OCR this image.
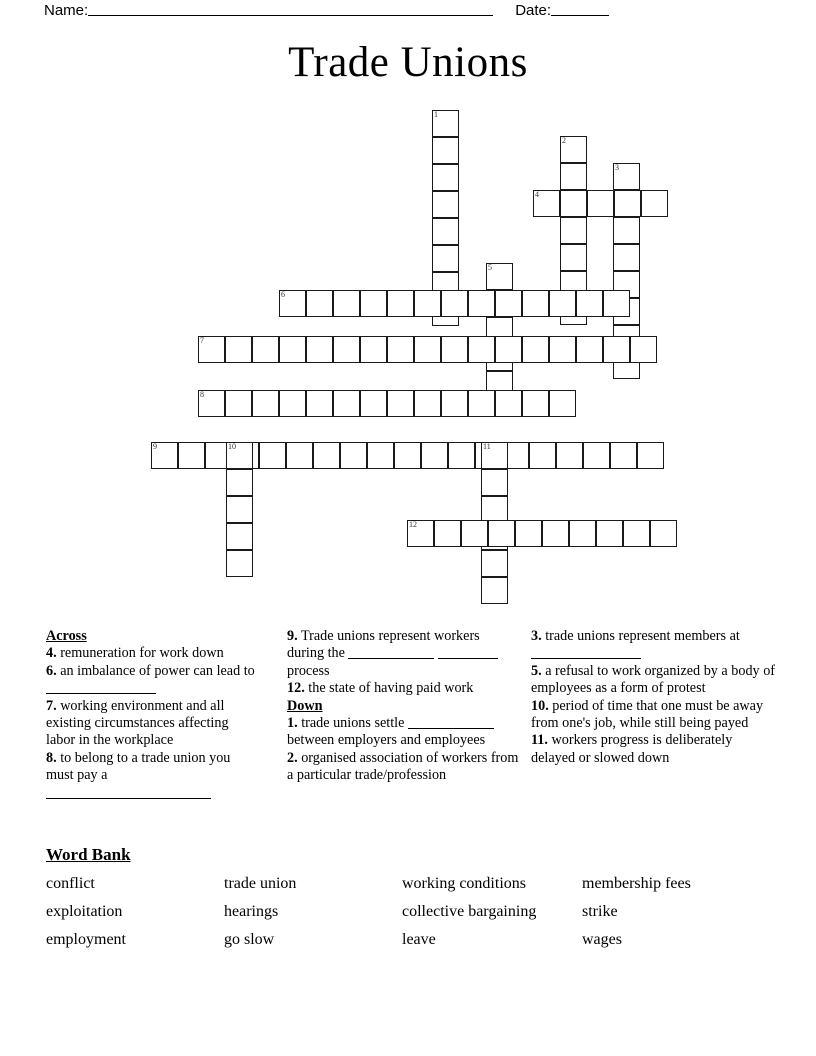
Name:	Date:
Trade Unions
1
2
3
4
5
6
7
8
9	10	11
12
Across
4. remuneration for work down
6. an imbalance of power can lead to
7. working environment and all existing circumstances affecting labor in the workplace
8. to belong to a trade union you must pay a
9. Trade unions represent workers during the   process
12. the state of having paid work
Down
1. trade unions settle  between employers and employees
2. organised association of workers from a particular trade/profession
3. trade unions represent members at
5. a refusal to work organized by a body of employees as a form of protest
10. period of time that one must be away from one's job, while still being payed
11. workers progress is deliberately delayed or slowed down
Word Bank
conflict	trade union	working conditions	membership fees
exploitation	hearings	collective bargaining	strike
employment	go slow	leave	wages
